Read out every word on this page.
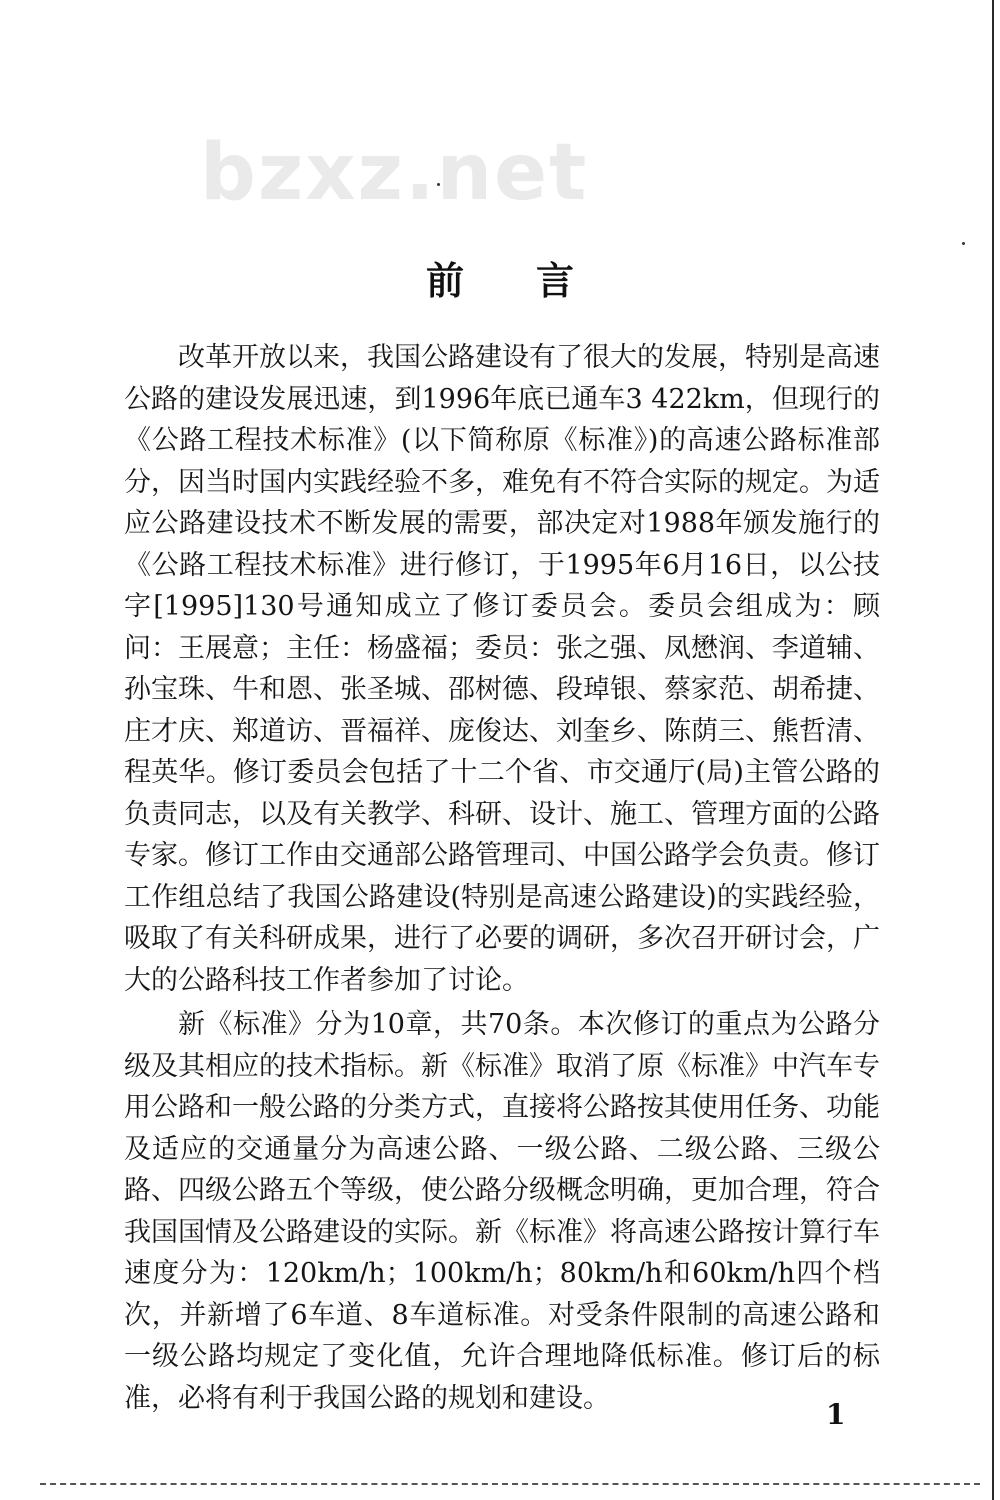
bzxz.net
前言

改革开放以来，我国公路建设有了很大的发展，特别是高速公路的建设发展迅速，到1996年底已通车3 422km，但现行的《公路工程技术标准》(以下简称原《标准》)的高速公路标准部分，因当时国内实践经验不多，难免有不符合实际的规定。为适应公路建设技术不断发展的需要，部决定对1988年颁发施行的《公路工程技术标准》进行修订，于1995年6月16日，以公技字[1995]130号通知成立了修订委员会。委员会组成为：顾问：王展意；主任：杨盛福；委员：张之强、凤懋润、李道辅、孙宝珠、牛和恩、张圣城、邵树德、段琸银、蔡家范、胡希捷、庄才庆、郑道访、晋福祥、庞俊达、刘奎乡、陈荫三、熊哲清、程英华。修订委员会包括了十二个省、市交通厅(局)主管公路的负责同志，以及有关教学、科研、设计、施工、管理方面的公路专家。修订工作由交通部公路管理司、中国公路学会负责。修订工作组总结了我国公路建设(特别是高速公路建设)的实践经验，吸取了有关科研成果，进行了必要的调研，多次召开研讨会，广大的公路科技工作者参加了讨论。

新《标准》分为10章，共70条。本次修订的重点为公路分级及其相应的技术指标。新《标准》取消了原《标准》中汽车专用公路和一般公路的分类方式，直接将公路按其使用任务、功能及适应的交通量分为高速公路、一级公路、二级公路、三级公路、四级公路五个等级，使公路分级概念明确，更加合理，符合我国国情及公路建设的实际。新《标准》将高速公路按计算行车速度分为：120km/h；100km/h；80km/h和60km/h四个档次，并新增了6车道、8车道标准。对受条件限制的高速公路和一级公路均规定了变化值，允许合理地降低标准。修订后的标准，必将有利于我国公路的规划和建设。	1
